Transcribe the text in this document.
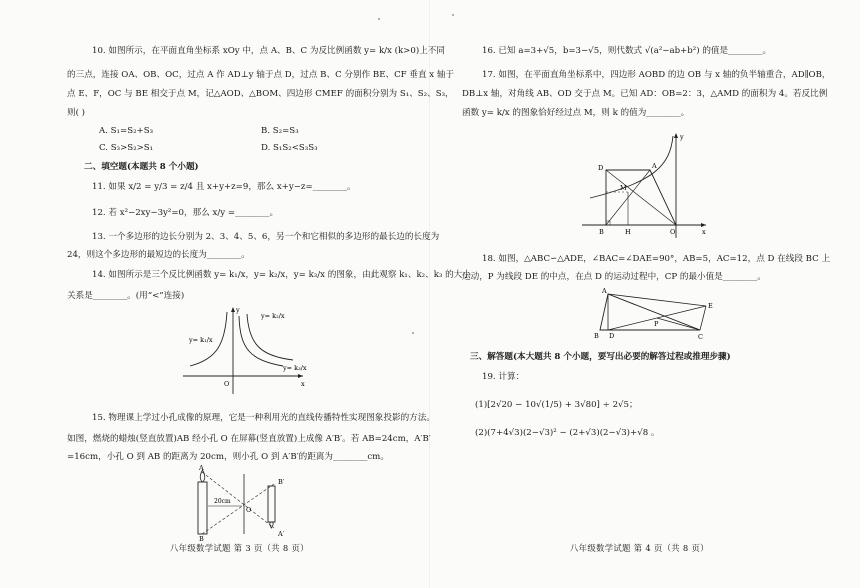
10. 如图所示，在平面直角坐标系 xOy 中，点 A、B、C 为反比例函数 y= k/x (k>0)上不同
的三点，连接 OA、OB、OC，过点 A 作 AD⊥y 轴于点 D，过点 B、C 分别作 BE、CF 垂直 x 轴于
点 E、F，OC 与 BE 相交于点 M，记△AOD、△BOM、四边形 CMEF 的面积分别为 S₁、S₂、S₃，
则( )
A. S₁=S₂+S₃	B. S₂=S₃
C. S₃>S₂>S₁	D. S₁S₂<S₃S₃
二、填空题(本题共 8 个小题)
11. 如果 x/2 = y/3 = z/4 且 x+y+z=9，那么 x+y−z=________。
12. 若 x²−2xy−3y²=0，那么 x/y =________。
13. 一个多边形的边长分别为 2、3、4、5、6，另一个和它相似的多边形的最长边的长度为
24，则这个多边形的最短边的长度为________。
14. 如图所示是三个反比例函数 y= k₁/x，y= k₂/x，y= k₃/x 的图象，由此观察 k₁、k₂、k₃ 的大小
关系是________。(用“<”连接)
y= k₂/x
y= k₁/x
y= k₃/x
x
y
O
15. 物理课上学过小孔成像的原理，它是一种利用光的直线传播特性实现图象投影的方法。
如图，燃烧的蜡烛(竖直放置)AB 经小孔 O 在屏幕(竖直放置)上成像 A′B′。若 AB=24cm，A′B′
=16cm，小孔 O 到 AB 的距离为 20cm，则小孔 O 到 A′B′的距离为________cm。
20cm
A
B
B′
A′
O
八年级数学试题 第 3 页（共 8 页）
16. 已知 a=3+√5，b=3−√5，则代数式 √(a²−ab+b²) 的值是________。
17. 如图，在平面直角坐标系中，四边形 AOBD 的边 OB 与 x 轴的负半轴重合，AD∥OB，
DB⊥x 轴，对角线 AB、OD 交于点 M。已知 AD：OB=2：3，△AMD 的面积为 4。若反比例
函数 y= k/x 的图象恰好经过点 M，则 k 的值为________。
D	A
M
B	H	O	x
y
18. 如图，△ABC∽△ADE，∠BAC=∠DAE=90°，AB=5，AC=12，点 D 在线段 BC 上
运动，P 为线段 DE 的中点，在点 D 的运动过程中，CP 的最小值是________。
A
B	C
D
E
P
三、解答题(本大题共 8 个小题，要写出必要的解答过程或推理步骤)
19. 计算：
(1)[2√20 − 10√(1/5) + 3√80] ÷ 2√5；
(2)(7+4√3)(2−√3)² − (2+√3)(2−√3)+√8 。
八年级数学试题 第 4 页（共 8 页）
